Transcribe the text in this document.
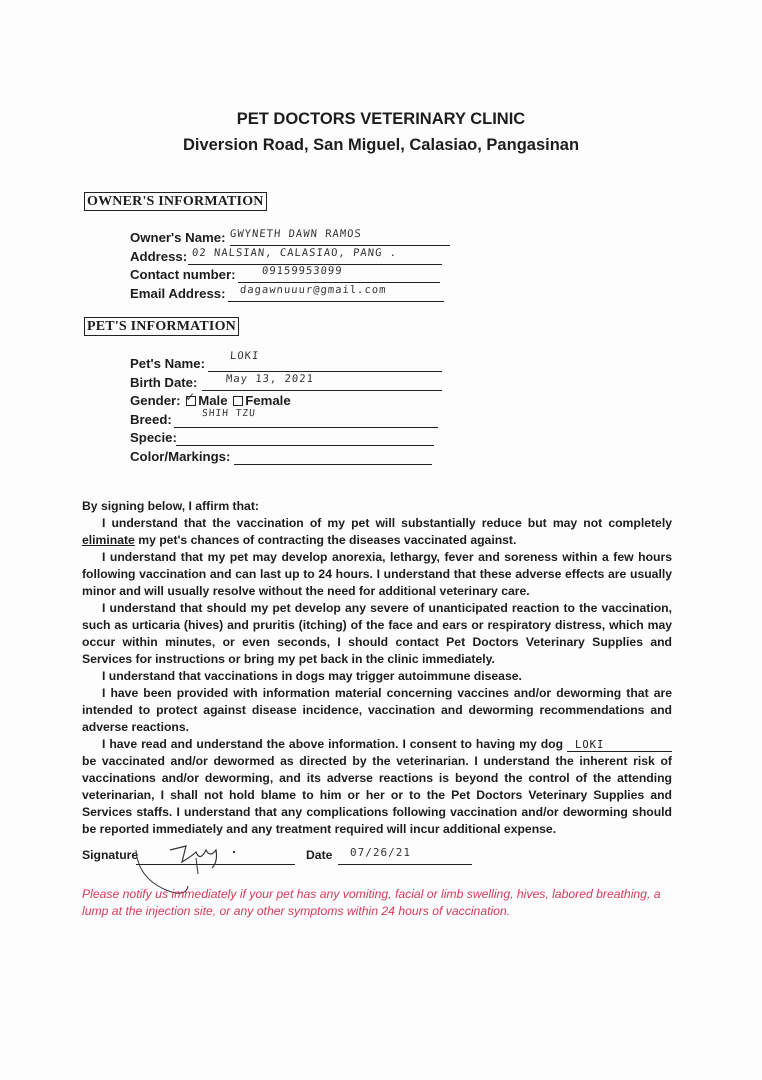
PET DOCTORS VETERINARY CLINIC
Diversion Road, San Miguel, Calasiao, Pangasinan
OWNER'S INFORMATION
Owner's Name: GWYNETH DAWN RAMOS
Address: 02 NALSIAN, CALASIAO, PANG .
Contact number: 09159953099
Email Address: dagawnuuur@gmail.com
PET'S INFORMATION
Pet's Name: LOKI
Birth Date:	May 13, 2021
Gender: ✓ Male Female
Breed:	SHIH TZU
Specie:
Color/Markings:

By signing below, I affirm that:

I understand that the vaccination of my pet will substantially reduce but may not completely eliminate my pet's chances of contracting the diseases vaccinated against.

I understand that my pet may develop anorexia, lethargy, fever and soreness within a few hours following vaccination and can last up to 24 hours. I understand that these adverse effects are usually minor and will usually resolve without the need for additional veterinary care.

I understand that should my pet develop any severe of unanticipated reaction to the vaccination, such as urticaria (hives) and pruritis (itching) of the face and ears or respiratory distress, which may occur within minutes, or even seconds, I should contact Pet Doctors Veterinary Supplies and Services for instructions or bring my pet back in the clinic immediately.

I understand that vaccinations in dogs may trigger autoimmune disease.

I have been provided with information material concerning vaccines and/or deworming that are intended to protect against disease incidence, vaccination and deworming recommendations and adverse reactions.

I have read and understand the above information. I consent to having my dog LOKI be vaccinated and/or dewormed as directed by the veterinarian. I understand the inherent risk of vaccinations and/or deworming, and its adverse reactions is beyond the control of the attending veterinarian, I shall not hold blame to him or her or to the Pet Doctors Veterinary Supplies and Services staffs. I understand that any complications following vaccination and/or deworming should be reported immediately and any treatment required will incur additional expense.

Signature	Date 07/26/21
Please notify us immediately if your pet has any vomiting, facial or limb swelling, hives, labored breathing, a lump at the injection site, or any other symptoms within 24 hours of vaccination.
